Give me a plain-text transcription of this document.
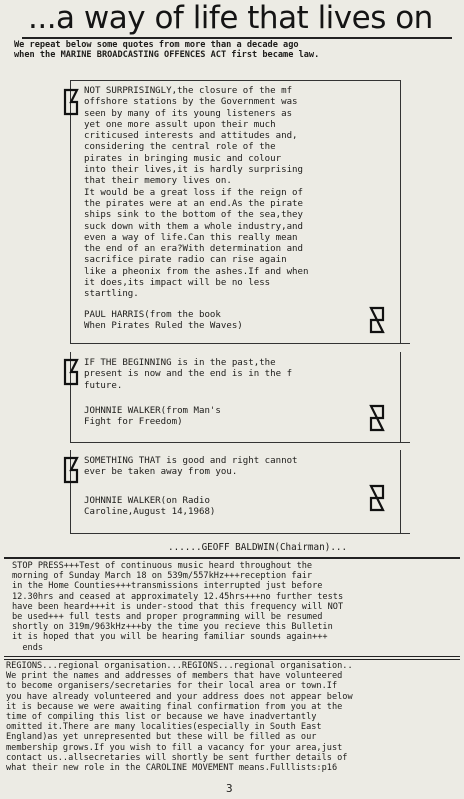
...a way of life that lives on
We repeat below some quotes from more than a decade ago
when the MARINE BROADCASTING OFFENCES ACT first became law.
NOT SURPRISINGLY,the closure of the mf
offshore stations by the Government was
seen by many of its young listeners as
yet one more assult upon their much
criticused interests and attitudes and,
considering the central role of the
pirates in bringing music and colour
into their lives,it is hardly surprising
that their memory lives on.
It would be a great loss if the reign of
the pirates were at an end.As the pirate
ships sink to the bottom of the sea,they
suck down with them a whole industry,and
even a way of life.Can this really mean
the end of an era?With determination and
sacrifice pirate radio can rise again
like a pheonix from the ashes.If and when
it does,its impact will be no less
startling.
PAUL HARRIS(from the book
When Pirates Ruled the Waves)
IF THE BEGINNING is in the past,the
present is now and the end is in the f
future.
JOHNNIE WALKER(from Man's
Fight for Freedom)
SOMETHING THAT is good and right cannot
ever be taken away from you.
JOHNNIE WALKER(on Radio
Caroline,August 14,1968)
......GEOFF BALDWIN(Chairman)...
STOP PRESS+++Test of continuous music heard throughout the
morning of Sunday March 18 on 539m/557kHz+++reception fair
in the Home Counties+++transmissions interrupted just before
12.30hrs and ceased at approximately 12.45hrs+++no further tests
have been heard+++it is under-stood that this frequency will NOT
be used+++ full tests and proper programming will be resumed
shortly on 319m/963kHz+++by the time you recieve this Bulletin
it is hoped that you will be hearing familiar sounds again+++
ends
REGIONS...regional organisation...REGIONS...regional organisation..
We print the names and addresses of members that have volunteered
to become organisers/secretaries for their local area or town.If
you have already volunteered and your address does not appear below
it is because we were awaiting final confirmation from you at the
time of compiling this list or because we have inadvertantly
omitted it.There are many localities(especially in South East
England)as yet unrepresented but these will be filled as our
membership grows.If you wish to fill a vacancy for your area,just
contact us..allsecretaries will shortly be sent further details of
what their new role in the CAROLINE MOVEMENT means.Fulllists:p16
3
